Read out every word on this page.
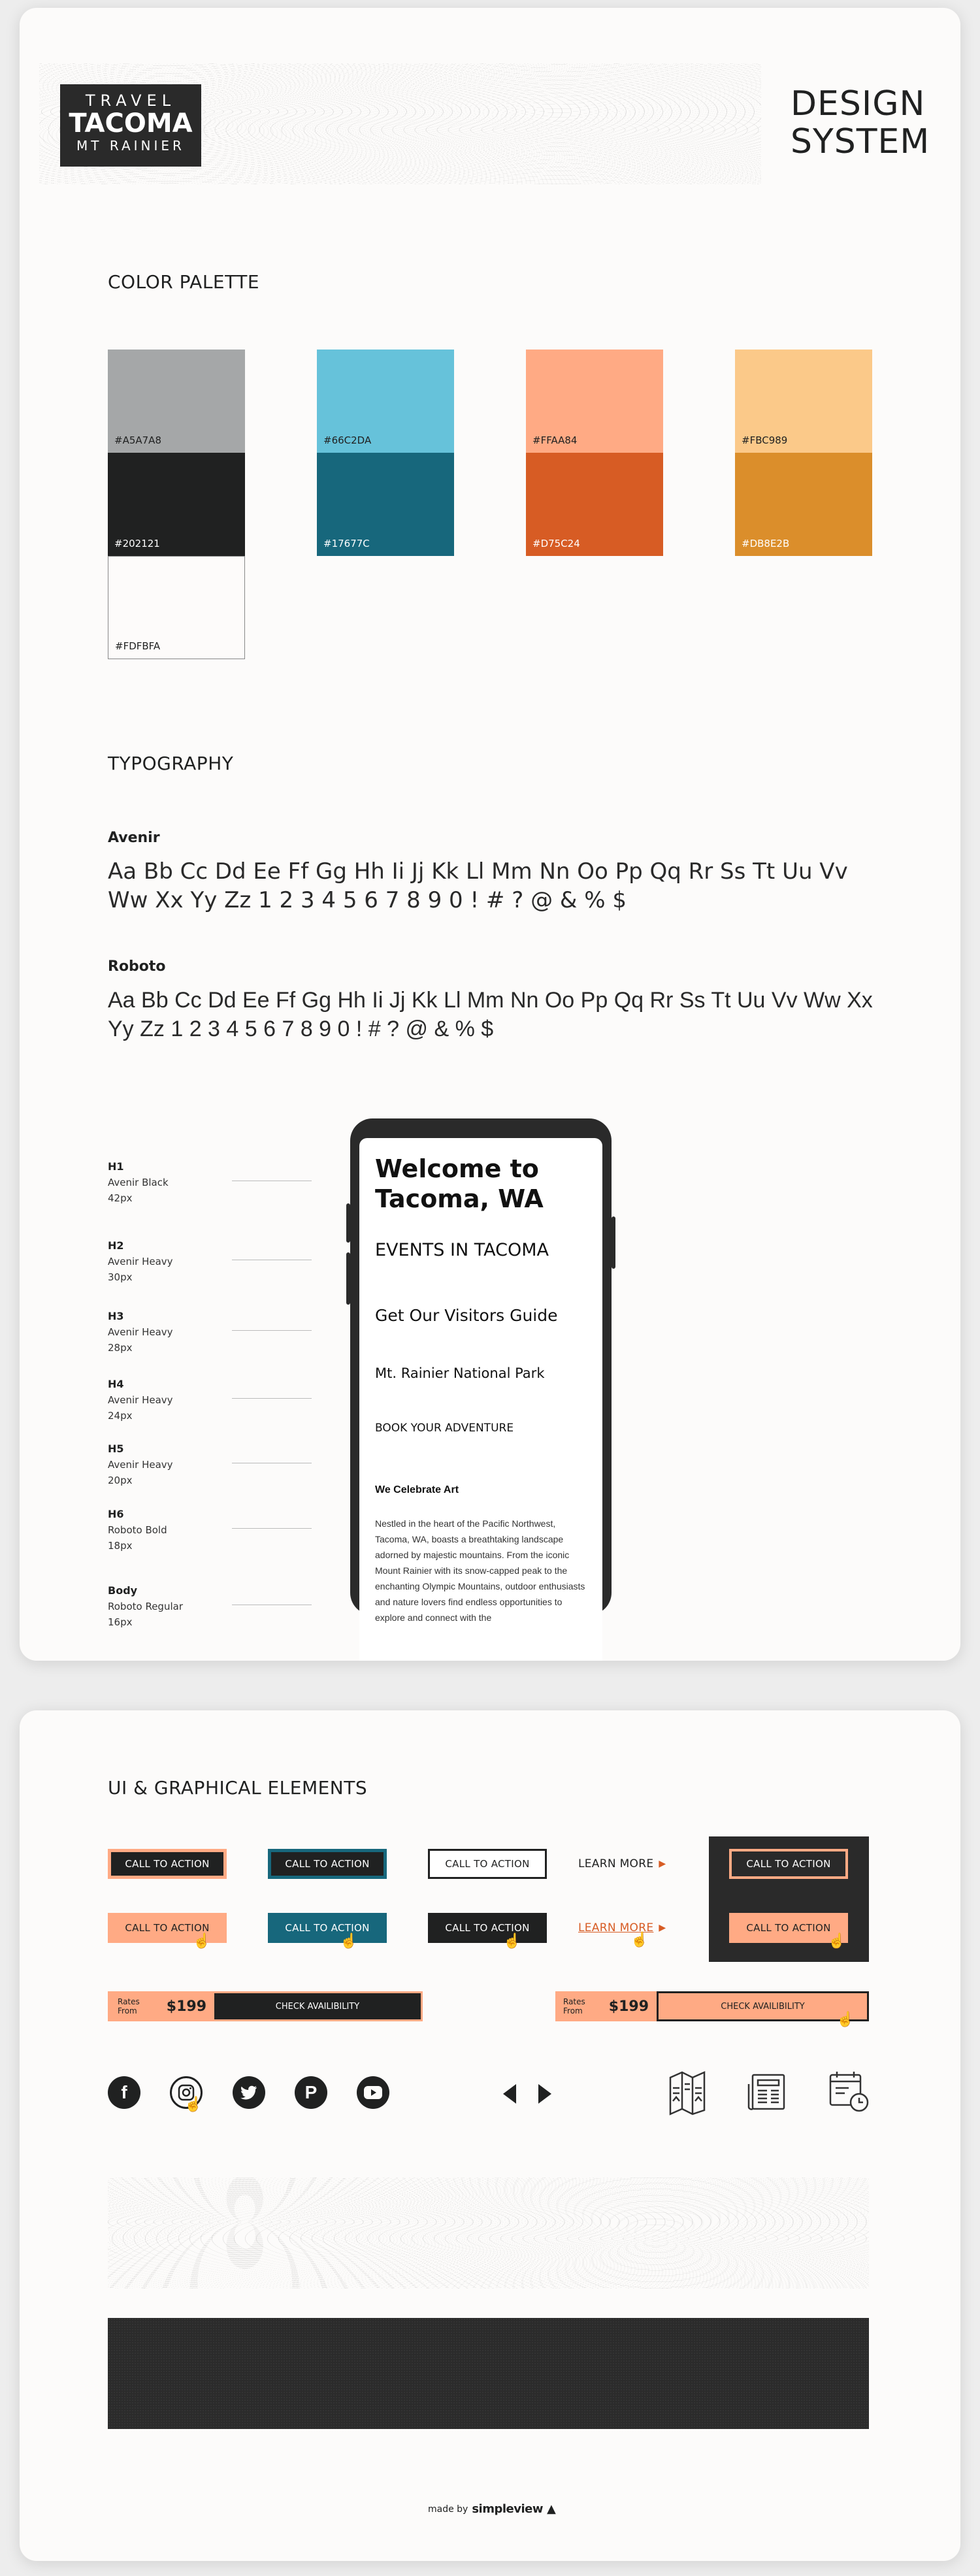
TRAVEL
TACOMA
MT RAINIER
DESIGN
SYSTEM
COLOR PALETTE
#A5A7A8
#202121
#FDFBFA
#66C2DA
#17677C
#FFAA84
#D75C24
#FBC989
#DB8E2B
TYPOGRAPHY
Avenir
Aa Bb Cc Dd Ee Ff Gg Hh Ii Jj Kk Ll Mm Nn Oo Pp Qq Rr Ss Tt Uu Vv Ww Xx Yy Zz 1 2 3 4 5 6 7 8 9 0 ! # ? @ & % $
Roboto
Aa Bb Cc Dd Ee Ff Gg Hh Ii Jj Kk Ll Mm Nn Oo Pp Qq Rr Ss Tt Uu Vv Ww Xx Yy Zz 1 2 3 4 5 6 7 8 9 0 ! # ? @ & % $
H1
Avenir Black
42px
H2
Avenir Heavy
30px
H3
Avenir Heavy
28px
H4
Avenir Heavy
24px
H5
Avenir Heavy
20px
H6
Roboto Bold
18px
Body
Roboto Regular
16px
Welcome to Tacoma, WA
EVENTS IN TACOMA
Get Our Visitors Guide
Mt. Rainier National Park
BOOK YOUR ADVENTURE
We Celebrate Art
Nestled in the heart of the Pacific Northwest, Tacoma, WA, boasts a breathtaking landscape adorned by majestic mountains. From the iconic Mount Rainier with its snow-capped peak to the enchanting Olympic Mountains, outdoor enthusiasts and nature lovers find endless opportunities to explore and connect with the
UI & GRAPHICAL ELEMENTS
CALL TO ACTION	CALL TO ACTION	CALL TO ACTION	LEARN MORE ▶	CALL TO ACTION
CALL TO ACTION
☝
CALL TO ACTION
☝
CALL TO ACTION
☝
CALL TO ACTION
☝
LEARN MORE ▶
☝
Rates From	$199	CHECK AVAILIBILITY	Rates From	$199	CHECK AVAILIBILITY
☝
f
☝
P
made by simpleview ▲
